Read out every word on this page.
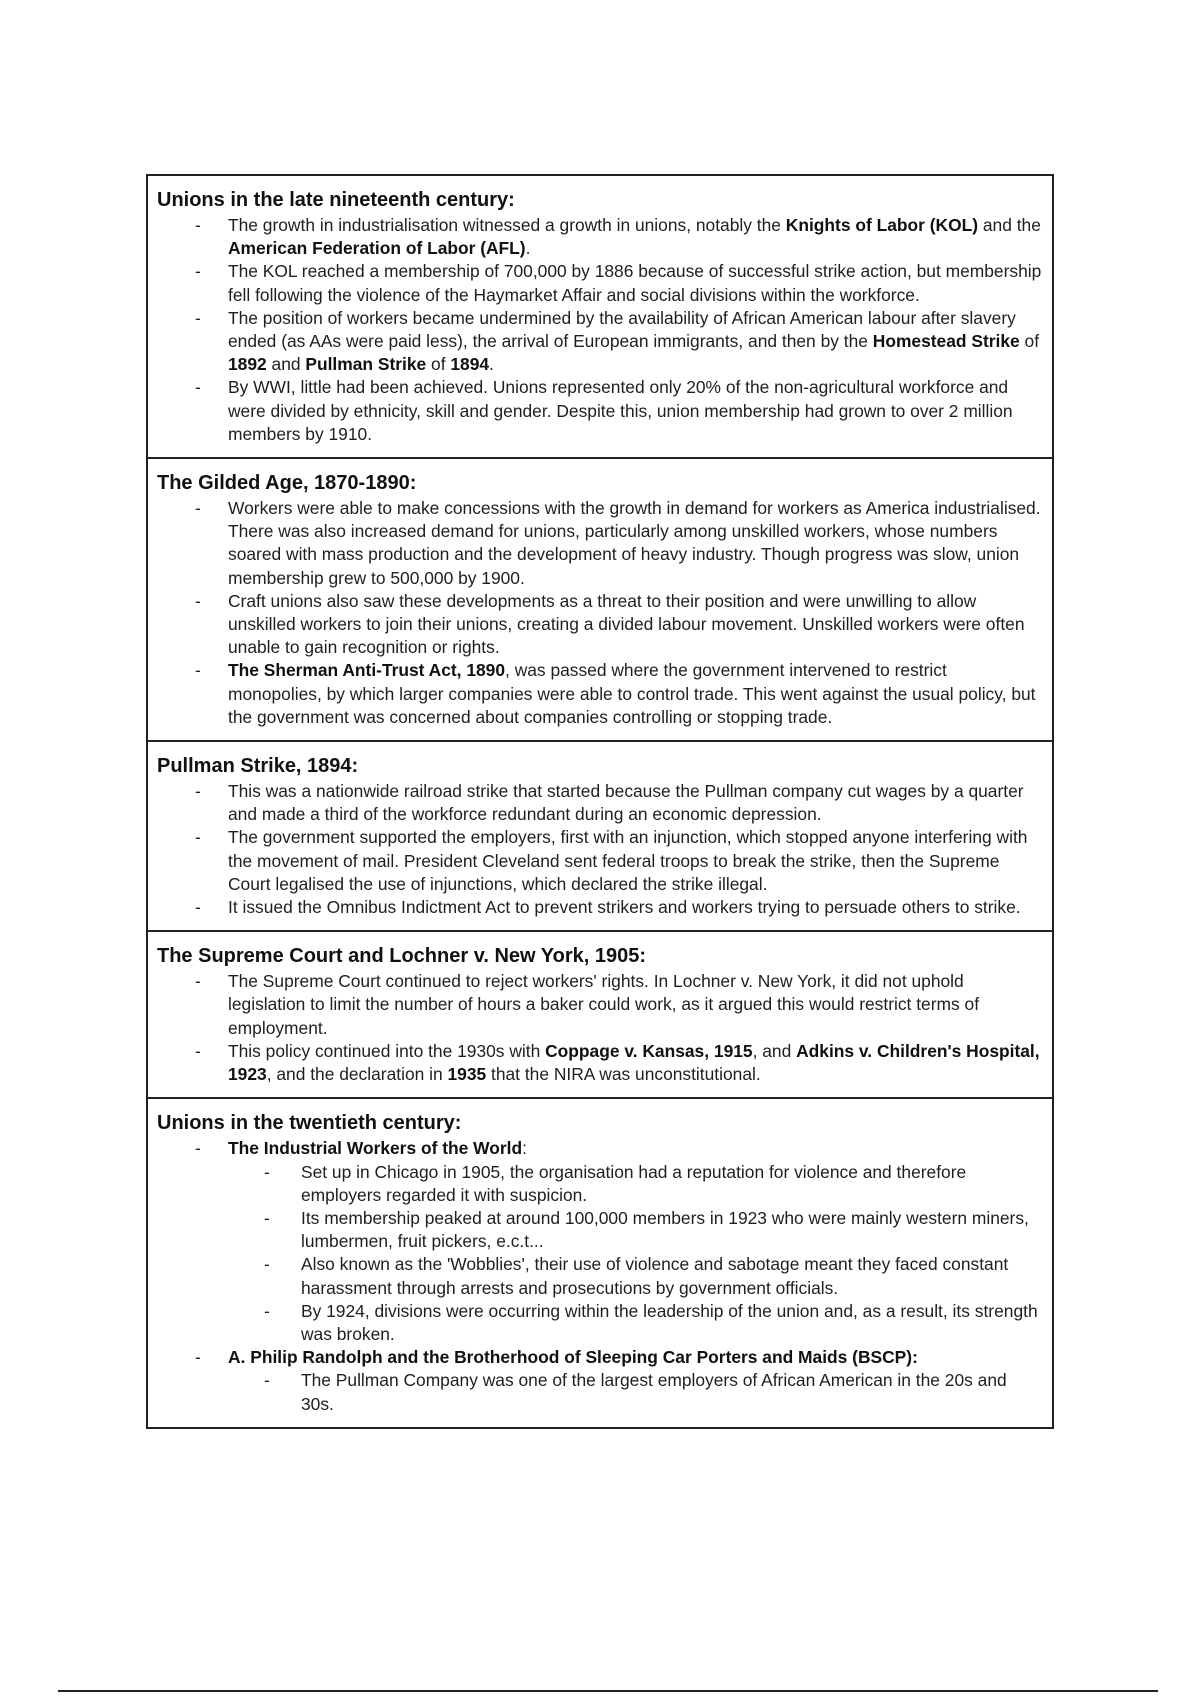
Unions in the late nineteenth century:
- The growth in industrialisation witnessed a growth in unions, notably the Knights of Labor (KOL) and the American Federation of Labor (AFL).
- The KOL reached a membership of 700,000 by 1886 because of successful strike action, but membership fell following the violence of the Haymarket Affair and social divisions within the workforce.
- The position of workers became undermined by the availability of African American labour after slavery ended (as AAs were paid less), the arrival of European immigrants, and then by the Homestead Strike of 1892 and Pullman Strike of 1894.
- By WWI, little had been achieved. Unions represented only 20% of the non-agricultural workforce and were divided by ethnicity, skill and gender. Despite this, union membership had grown to over 2 million members by 1910.
The Gilded Age, 1870-1890:
- Workers were able to make concessions with the growth in demand for workers as America industrialised. There was also increased demand for unions, particularly among unskilled workers, whose numbers soared with mass production and the development of heavy industry. Though progress was slow, union membership grew to 500,000 by 1900.
- Craft unions also saw these developments as a threat to their position and were unwilling to allow unskilled workers to join their unions, creating a divided labour movement. Unskilled workers were often unable to gain recognition or rights.
- The Sherman Anti-Trust Act, 1890, was passed where the government intervened to restrict monopolies, by which larger companies were able to control trade. This went against the usual policy, but the government was concerned about companies controlling or stopping trade.
Pullman Strike, 1894:
- This was a nationwide railroad strike that started because the Pullman company cut wages by a quarter and made a third of the workforce redundant during an economic depression.
- The government supported the employers, first with an injunction, which stopped anyone interfering with the movement of mail. President Cleveland sent federal troops to break the strike, then the Supreme Court legalised the use of injunctions, which declared the strike illegal.
- It issued the Omnibus Indictment Act to prevent strikers and workers trying to persuade others to strike.
The Supreme Court and Lochner v. New York, 1905:
- The Supreme Court continued to reject workers' rights. In Lochner v. New York, it did not uphold legislation to limit the number of hours a baker could work, as it argued this would restrict terms of employment.
- This policy continued into the 1930s with Coppage v. Kansas, 1915, and Adkins v. Children's Hospital, 1923, and the declaration in 1935 that the NIRA was unconstitutional.
Unions in the twentieth century:
- The Industrial Workers of the World:
- Set up in Chicago in 1905, the organisation had a reputation for violence and therefore employers regarded it with suspicion.
- Its membership peaked at around 100,000 members in 1923 who were mainly western miners, lumbermen, fruit pickers, e.c.t...
- Also known as the 'Wobblies', their use of violence and sabotage meant they faced constant harassment through arrests and prosecutions by government officials.
- By 1924, divisions were occurring within the leadership of the union and, as a result, its strength was broken.
- A. Philip Randolph and the Brotherhood of Sleeping Car Porters and Maids (BSCP):
- The Pullman Company was one of the largest employers of African American in the 20s and 30s.
